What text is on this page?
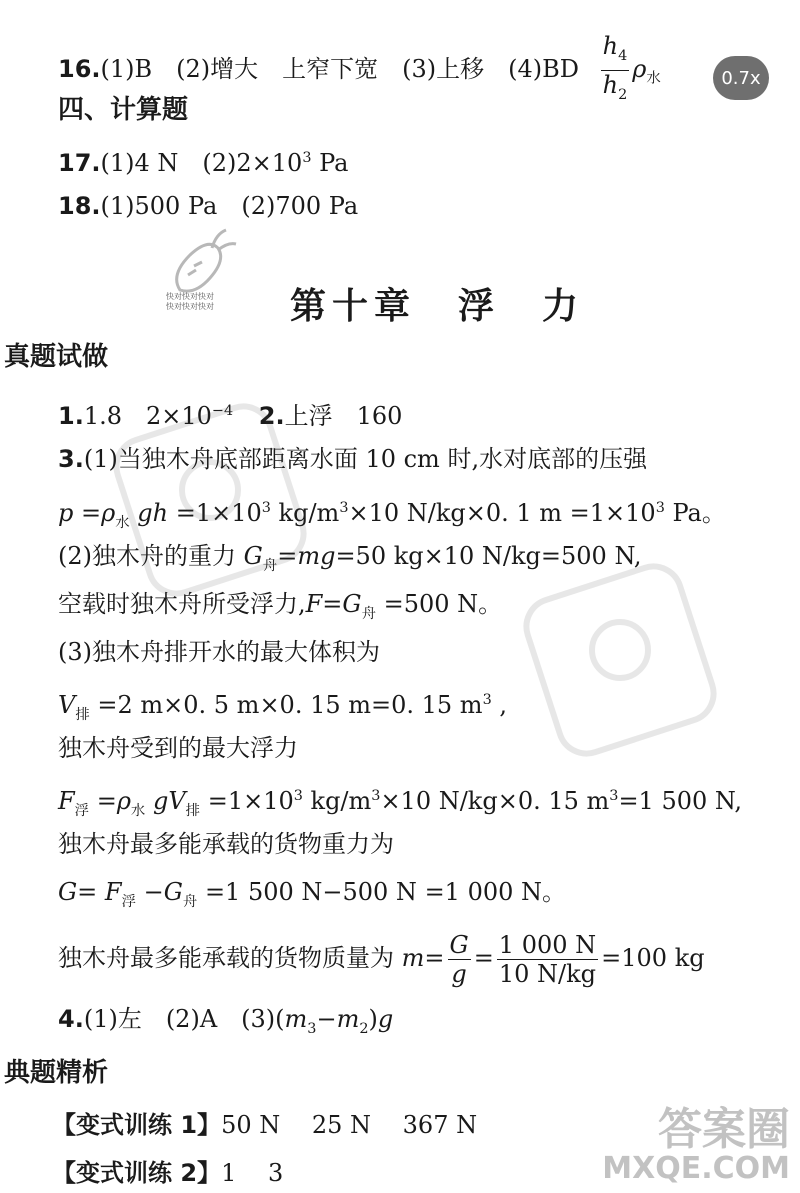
0.7x
16.(1)B　(2)增大　上窄下宽　(3)上移　$(4)BD \frac{h_4}{h_2} \rho_水$
四、计算题
17.(1)4 N　$(2)2\times 10^3$ Pa
18.(1)500 Pa　(2)700 Pa
快对快对快对
快对快对快对 第十章　浮　力
真题试做
1.1.8 $2\times 10^{-4}$ 2.上浮　160
3.(1)当独木舟底部距离水面 10 cm 时,水对底部的压强
$p =\rho_水$ gh $=1\times 10^3$ $kg/m^3\times 10$ N/kg×0. 1 $m =1\times 10^3$ Pa。
(2)独木舟的重力 $G_舟=mg=50$ kg×10 N/kg=500 N,
空载时独木舟所受浮力$,F=G_舟 =500$ N。
(3)独木舟排开水的最大体积为
$V_排 =2$ m×0. 5 m×0. 15 m=0. 15 $m^3$ ,
独木舟受到的最大浮力
$F_浮 =\rho_水$ $gV_排 =1\times 10^3$ $kg/m^3\times 10$ N/kg×0. 15 $m^3=1$ 500 N,
独木舟最多能承载的货物重力为
$G= F_浮 -G_舟 =1$ 500 N−500 N =1 000 N。
独木舟最多能承载的货物质量为 $m= \frac{G}{g} = \frac{1 000 N}{10 N/kg} =100$ kg
4.(1)左　(2)A　$(3)(m_3-m_2)g$
典题精析
【变式训练 1】50 N  25 N  367 N
【变式训练 2】1  3
答案圈
MXQE.COM
